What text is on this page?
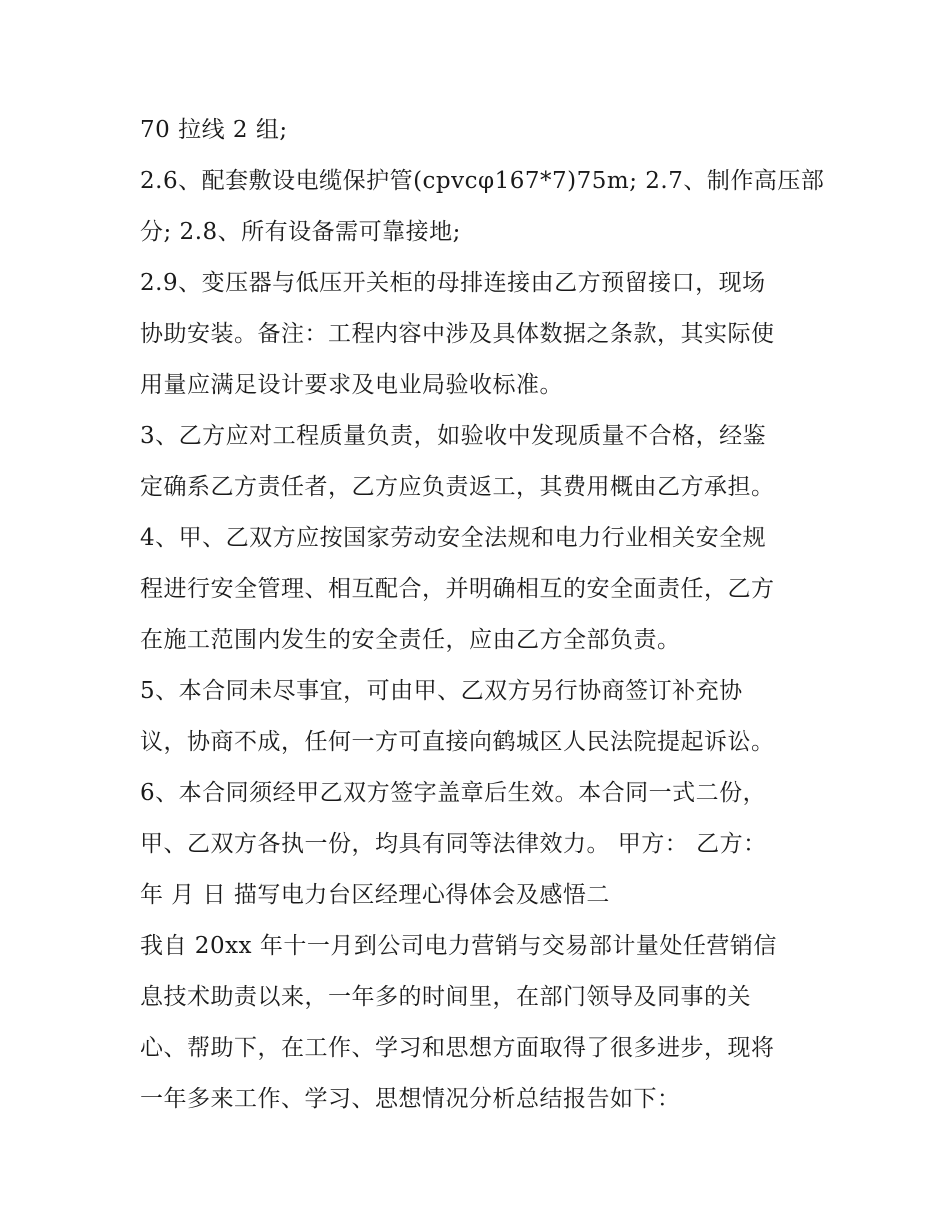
70 拉线 2 组;
2.6、配套敷设电缆保护管(cpvcφ167*7)75m; 2.7、制作高压部
分; 2.8、所有设备需可靠接地;
2.9、变压器与低压开关柜的母排连接由乙方预留接口，现场
协助安装。备注：工程内容中涉及具体数据之条款，其实际使
用量应满足设计要求及电业局验收标准。
3、乙方应对工程质量负责，如验收中发现质量不合格，经鉴
定确系乙方责任者，乙方应负责返工，其费用概由乙方承担。
4、甲、乙双方应按国家劳动安全法规和电力行业相关安全规
程进行安全管理、相互配合，并明确相互的安全面责任，乙方
在施工范围内发生的安全责任，应由乙方全部负责。
5、本合同未尽事宜，可由甲、乙双方另行协商签订补充协
议，协商不成，任何一方可直接向鹤城区人民法院提起诉讼。
6、本合同须经甲乙双方签字盖章后生效。本合同一式二份，
甲、乙双方各执一份，均具有同等法律效力。 甲方： 乙方：
年 月 日 描写电力台区经理心得体会及感悟二
我自 20xx 年十一月到公司电力营销与交易部计量处任营销信
息技术助责以来，一年多的时间里，在部门领导及同事的关
心、帮助下，在工作、学习和思想方面取得了很多进步，现将
一年多来工作、学习、思想情况分析总结报告如下：
